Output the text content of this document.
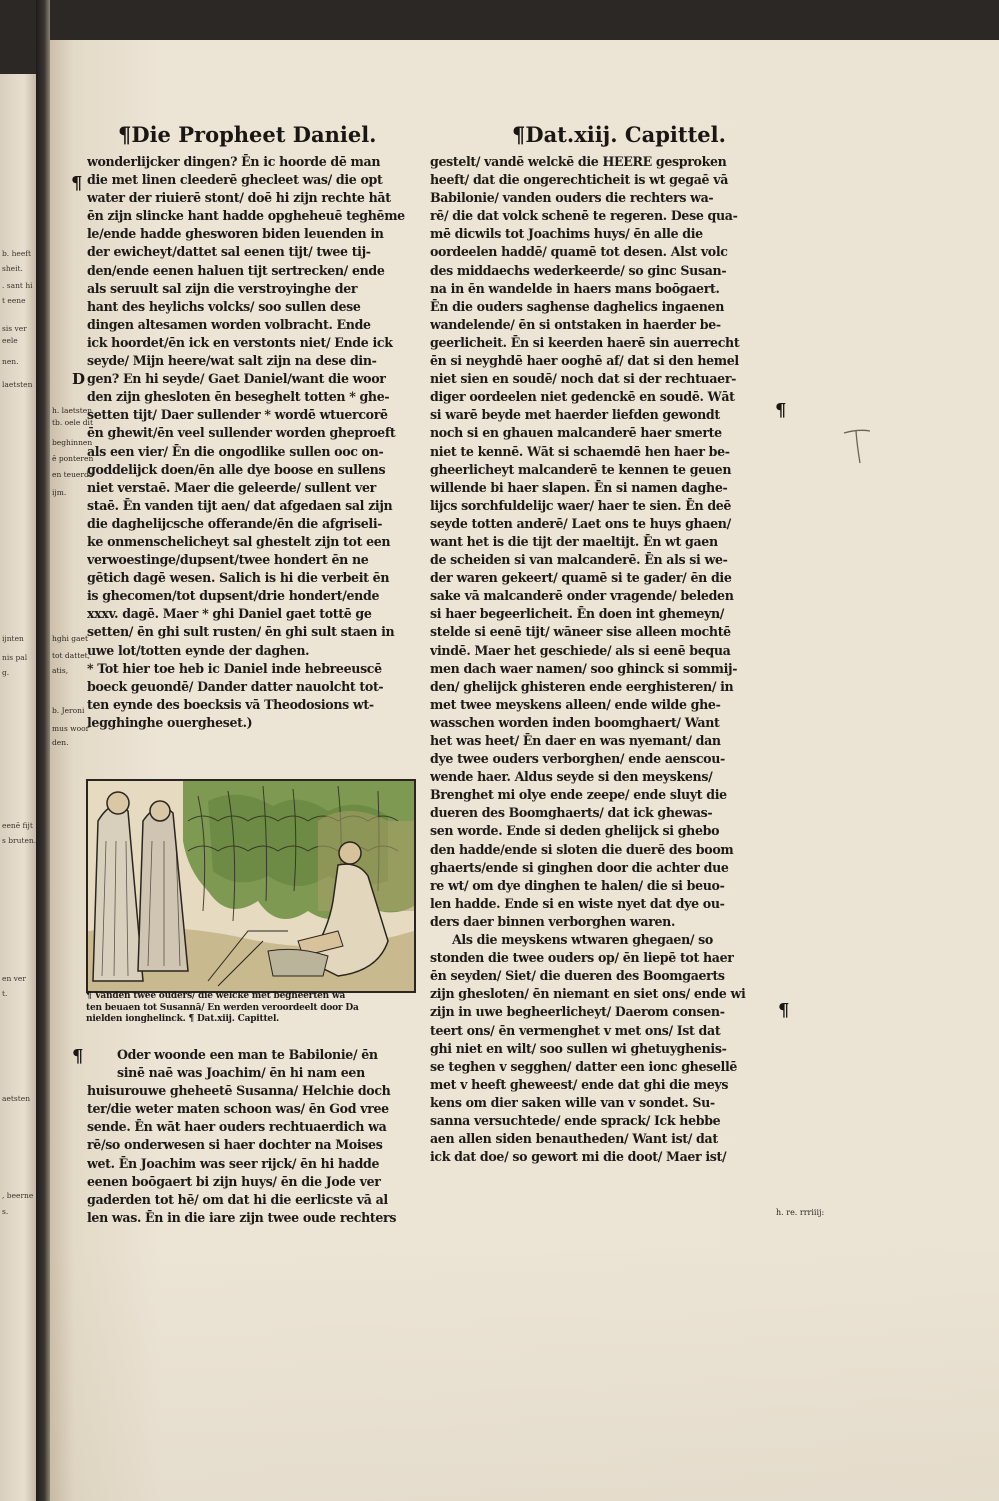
b. heeft
sheit.
. sant hi
t eene
sis ver
eele
nen.
laetsten
ijnten
nis pal
g.
eenē fijt
s bruten.
en ver
t.
aetsten
, beerne
s.
¶Die Propheet Daniel.	¶Dat.xiij. Capittel.
wonderlijcker dingen? Ēn ic hoorde dē man
die met linen cleederē ghecleet was/ die opt
water der riuierē stont/ doē hi zijn rechte hāt
ēn zijn slincke hant hadde opgheheuē teghēme
le/ende hadde ghesworen biden leuenden in
der ewicheyt/dattet sal eenen tijt/ twee tij-
den/ende eenen haluen tijt sertrecken/ ende
als seruult sal zijn die verstroyinghe der
hant des heylichs volcks/ soo sullen dese
dingen altesamen worden volbracht. Ende
ick hoordet/ēn ick en verstonts niet/ Ende ick
seyde/ Mijn heere/wat salt zijn na dese din-
gen? En hi seyde/ Gaet Daniel/want die woor
den zijn ghesloten ēn beseghelt totten * ghe-
setten tijt/ Daer sullender * wordē wtuercorē
ēn ghewit/ēn veel sullender worden gheproeft
als een vier/ Ēn die ongodlike sullen ooc on-
goddelijck doen/ēn alle dye boose en sullens
niet verstaē. Maer die geleerde/ sullent ver
staē. Ēn vanden tijt aen/ dat afgedaen sal zijn
die daghelijcsche offerande/ēn die afgriseli-
ke onmenschelicheyt sal ghestelt zijn tot een
verwoestinge/dupsent/twee hondert ēn ne
gētich dagē wesen. Salich is hi die verbeit ēn
is ghecomen/tot dupsent/drie hondert/ende
xxxv. dagē. Maer * ghi Daniel gaet tottē ge
setten/ ēn ghi sult rusten/ ēn ghi sult staen in
uwe lot/totten eynde der daghen.
* Tot hier toe heb ic Daniel inde hebreeuscē
boeck geuondē/ Dander datter nauolcht tot-
ten eynde des boecksis vā Theodosions wt-
legghinghe ouergheset.)
h. laetsten
tb. oele dit
beghinnen
ē ponteren
en teuerda
ijm.
hghi gaet
tot dattet,
atis,
b. Jeroni
mus woor
den.
¶
D
¶ Vanden twee ouders/ die welcke met begheerten wa
ten beuaen tot Susannā/ Ēn werden veroordeelt door Da
nielden ionghelinck. ¶ Dat.xiij. Capittel.
Oder woonde een man te Babilonie/ ēn
sinē naē was Joachim/ ēn hi nam een
huisurouwe gheheetē Susanna/ Helchie doch
ter/die weter maten schoon was/ ēn God vree
sende. Ēn wāt haer ouders rechtuaerdich wa
rē/so onderwesen si haer dochter na Moises
wet. Ēn Joachim was seer rijck/ ēn hi hadde
eenen boōgaert bi zijn huys/ ēn die Jode ver
gaderden tot hē/ om dat hi die eerlicste vā al
len was. Ēn in die iare zijn twee oude rechters
¶
gestelt/ vandē welckē die HEERE gesproken
heeft/ dat die ongerechticheit is wt gegaē vā
Babilonie/ vanden ouders die rechters wa-
rē/ die dat volck schenē te regeren. Dese qua-
mē dicwils tot Joachims huys/ ēn alle die
oordeelen haddē/ quamē tot desen. Alst volc
des middaechs wederkeerde/ so ginc Susan-
na in ēn wandelde in haers mans boōgaert.
Ēn die ouders saghense daghelics ingaenen
wandelende/ ēn si ontstaken in haerder be-
geerlicheit. Ēn si keerden haerē sin auerrecht
ēn si neyghdē haer ooghē af/ dat si den hemel
niet sien en soudē/ noch dat si der rechtuaer-
diger oordeelen niet gedenckē en soudē. Wāt
si warē beyde met haerder liefden gewondt
noch si en ghauen malcanderē haer smerte
niet te kennē. Wāt si schaemdē hen haer be-
gheerlicheyt malcanderē te kennen te geuen
willende bi haer slapen. Ēn si namen daghe-
lijcs sorchfuldelijc waer/ haer te sien. Ēn deē
seyde totten anderē/ Laet ons te huys ghaen/
want het is die tijt der maeltijt. Ēn wt gaen
de scheiden si van malcanderē. Ēn als si we-
der waren gekeert/ quamē si te gader/ ēn die
sake vā malcanderē onder vragende/ beleden
si haer begeerlicheit. Ēn doen int ghemeyn/
stelde si eenē tijt/ wāneer sise alleen mochtē
vindē. Maer het geschiede/ als si eenē bequa
men dach waer namen/ soo ghinck si sommij-
den/ ghelijck ghisteren ende eerghisteren/ in
met twee meyskens alleen/ ende wilde ghe-
wasschen worden inden boomghaert/ Want
het was heet/ Ēn daer en was nyemant/ dan
dye twee ouders verborghen/ ende aenscou-
wende haer. Aldus seyde si den meyskens/
Brenghet mi olye ende zeepe/ ende sluyt die
dueren des Boomghaerts/ dat ick ghewas-
sen worde. Ende si deden ghelijck si ghebo
den hadde/ende si sloten die duerē des boom
ghaerts/ende si ginghen door die achter due
re wt/ om dye dinghen te halen/ die si beuo-
len hadde. Ende si en wiste nyet dat dye ou-
ders daer binnen verborghen waren.
Als die meyskens wtwaren ghegaen/ so
stonden die twee ouders op/ ēn liepē tot haer
ēn seyden/ Siet/ die dueren des Boomgaerts
zijn ghesloten/ ēn niemant en siet ons/ ende wi
zijn in uwe begheerlicheyt/ Daerom consen-
teert ons/ ēn vermenghet v met ons/ Ist dat
ghi niet en wilt/ soo sullen wi ghetuyghenis-
se teghen v segghen/ datter een ionc ghesellē
met v heeft gheweest/ ende dat ghi die meys
kens om dier saken wille van v sondet. Su-
sanna versuchtede/ ende sprack/ Ick hebbe
aen allen siden benautheden/ Want ist/ dat
ick dat doe/ so gewort mi die doot/ Maer ist/
¶
¶
h. re. rrriiij:
